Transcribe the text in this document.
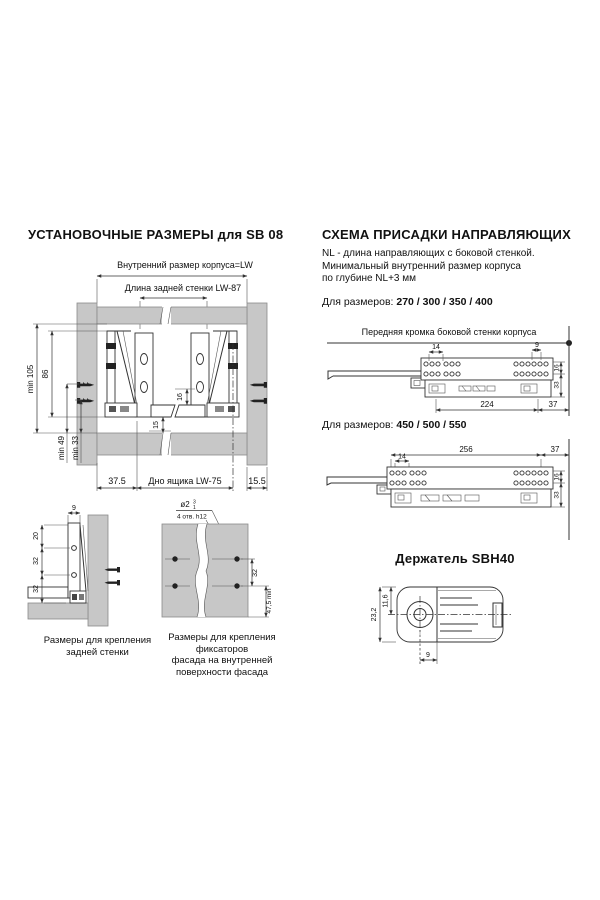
УСТАНОВОЧНЫЕ РАЗМЕРЫ для SB 08
Внутренний размер корпуса=LW
Длина задней стенки LW-87
16
15
min 105 86
min 49 min 33
37.5	Дно ящика LW-75	15.5
9
20
32
32
Размеры для крепления
задней стенки
ø2 3
1
4 отв. h12
32
47,5 min
Размеры для крепления фиксаторов
фасада на внутренней
поверхности фасада
СХЕМА ПРИСАДКИ НАПРАВЛЯЮЩИХ
NL - длина направляющих с боковой стенкой.
Минимальный внутренний размер корпуса
по глубине NL+3 мм
Для размеров: 270 / 300 / 350 / 400
Передняя кромка боковой стенки корпуса
14	9
224	37
16
33
Для размеров: 450 / 500 / 550
256	37
14
16
33
Держатель SBH40
23,2
11,6
9
